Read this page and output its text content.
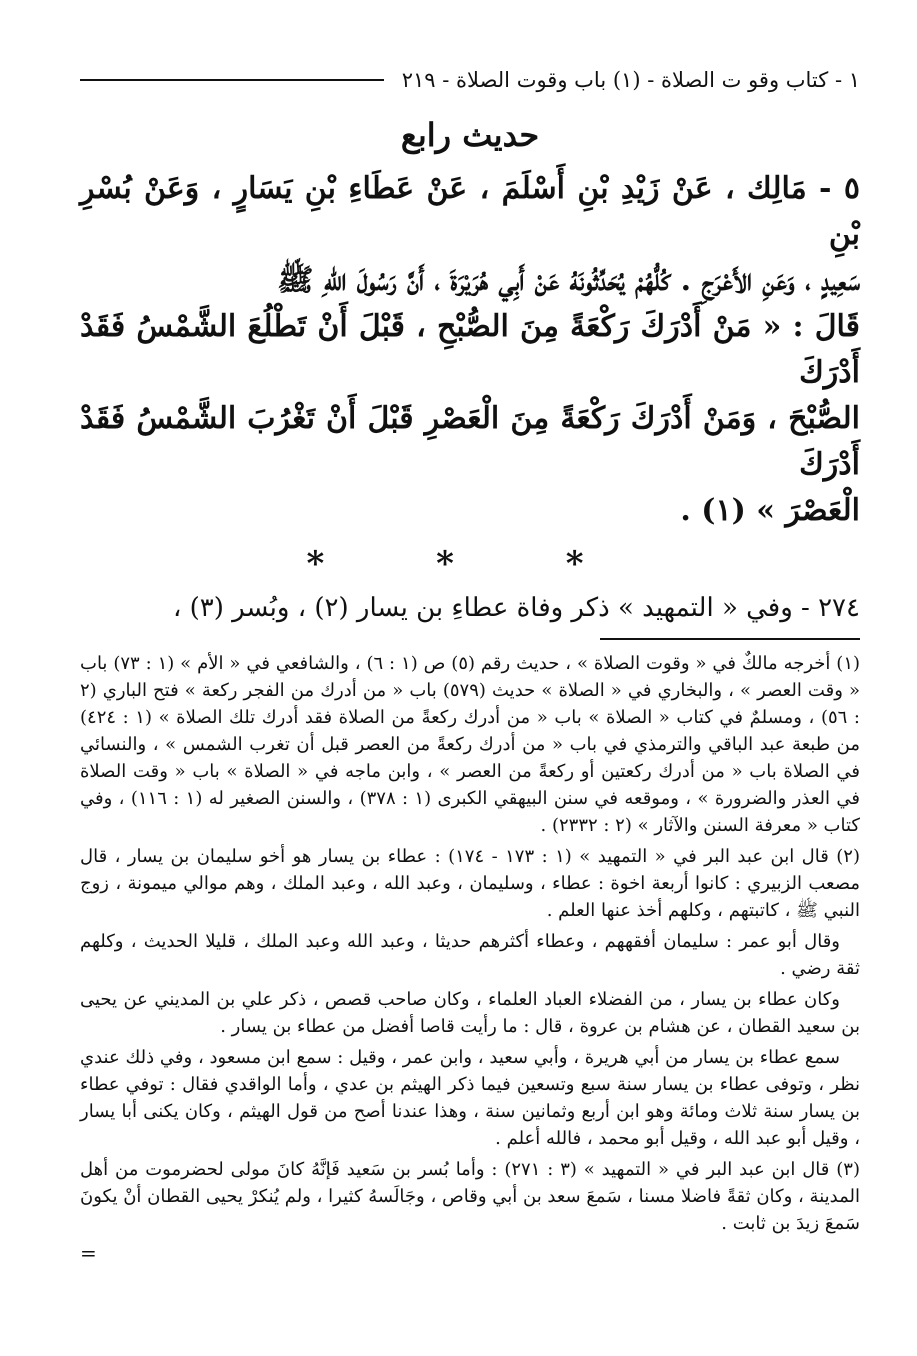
١ - كتاب وقو ت الصلاة - (١) باب وقوت الصلاة - ٢١٩
حديث رابع

٥ - مَالِك ، عَنْ زَيْدِ بْنِ أَسْلَمَ ، عَنْ عَطَاءِ بْنِ يَسَارٍ ، وَعَنْ بُسْرِ بْنِ

سَعِيدٍ ، وَعَنِ الأَعْرَجِ . كُلُّهُمْ يُحَدِّثُونَهُ عَنْ أَبِي هُرَيْرَةَ ، أَنَّ رَسُولَ اللّهِ ﷺ

قَالَ : « مَنْ أَدْرَكَ رَكْعَةً مِنَ الصُّبْحِ ، قَبْلَ أَنْ تَطْلُعَ الشَّمْسُ فَقَدْ أَدْرَكَ

الصُّبْحَ ، وَمَنْ أَدْرَكَ رَكْعَةً مِنَ الْعَصْرِ قَبْلَ أَنْ تَغْرُبَ الشَّمْسُ فَقَدْ أَدْرَكَ

الْعَصْرَ » (١) .

* * *

٢٧٤ - وفي « التمهيد » ذكر وفاة عطاءِ بن يسار (٢) ، وبُسر (٣) ،

(١) أخرجه مالكٌ في « وقوت الصلاة » ، حديث رقم (٥) ص (١ : ٦) ، والشافعي في « الأم » (١ : ٧٣) باب « وقت العصر » ، والبخاري في « الصلاة » حديث (٥٧٩) باب « من أدرك من الفجر ركعة » فتح الباري (٢ : ٥٦) ، ومسلمٌ في كتاب « الصلاة » باب « من أدرك ركعةً من الصلاة فقد أدرك تلك الصلاة » (١ : ٤٢٤) من طبعة عبد الباقي والترمذي في باب « من أدرك ركعةً من العصر قبل أن تغرب الشمس » ، والنسائي في الصلاة باب « من أدرك ركعتين أو ركعةً من العصر » ، وابن ماجه في « الصلاة » باب « وقت الصلاة في العذر والضرورة » ، وموقعه في سنن البيهقي الكبرى (١ : ٣٧٨) ، والسنن الصغير له (١ : ١١٦) ، وفي كتاب « معرفة السنن والآثار » (٢ : ٢٣٣٢) .

(٢) قال ابن عبد البر في « التمهيد » (١ : ١٧٣ - ١٧٤) : عطاء بن يسار هو أخو سليمان بن يسار ، قال مصعب الزبيري : كانوا أربعة اخوة : عطاء ، وسليمان ، وعبد الله ، وعبد الملك ، وهم موالي ميمونة ، زوج النبي ﷺ ، كاتبتهم ، وكلهم أخذ عنها العلم .

وقال أبو عمر : سليمان أفقههم ، وعطاء أكثرهم حديثا ، وعبد الله وعبد الملك ، قليلا الحديث ، وكلهم ثقة رضي .

وكان عطاء بن يسار ، من الفضلاء العباد العلماء ، وكان صاحب قصص ، ذكر علي بن المديني عن يحيى بن سعيد القطان ، عن هشام بن عروة ، قال : ما رأيت قاصا أفضل من عطاء بن يسار .

سمع عطاء بن يسار من أبي هريرة ، وأبي سعيد ، وابن عمر ، وقيل : سمع ابن مسعود ، وفي ذلك عندي نظر ، وتوفى عطاء بن يسار سنة سبع وتسعين فيما ذكر الهيثم بن عدي ، وأما الواقدي فقال : توفي عطاء بن يسار سنة ثلاث ومائة وهو ابن أربع وثمانين سنة ، وهذا عندنا أصح من قول الهيثم ، وكان يكنى أبا يسار ، وقيل أبو عبد الله ، وقيل أبو محمد ، فالله أعلم .

(٣) قال ابن عبد البر في « التمهيد » (٣ : ٢٧١) : وأما بُسر بن سَعيد فَإنَّهُ كانَ مولى لحضرموت من أهل المدينة ، وكان ثقةً فاضلا مسنا ، سَمعَ سعد بن أبي وقاص ، وجَالَسهُ كثيرا ، ولم يُنكرْ يحيى القطان أنْ يكونَ سَمعَ زيدَ بن ثابت .

=
